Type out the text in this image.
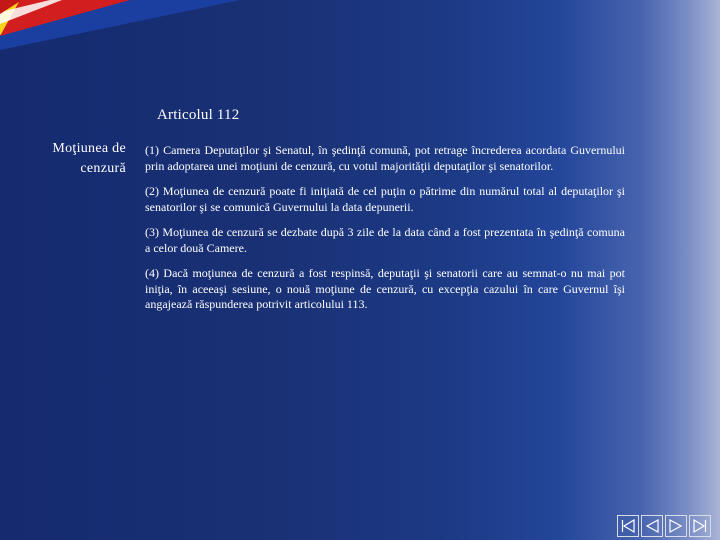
Articolul 112
Moţiunea de
cenzură

(1) Camera Deputaţilor şi Senatul, în şedinţă comună, pot retrage încrederea acordata Guvernului prin adoptarea unei moţiuni de cenzură, cu votul majorităţii deputaţilor şi senatorilor.

(2) Moţiunea de cenzură poate fi iniţiată de cel puţin o pătrime din numărul total al deputaţilor şi senatorilor şi se comunică Guvernului la data depunerii.

(3) Moţiunea de cenzură se dezbate după 3 zile de la data când a fost prezentata în şedinţă comuna a celor două Camere.

(4) Dacă moţiunea de cenzură a fost respinsă, deputaţii şi senatorii care au semnat-o nu mai pot iniţia, în aceeaşi sesiune, o nouă moţiune de cenzură, cu excepţia cazului în care Guvernul îşi angajează răspunderea potrivit articolului 113.
